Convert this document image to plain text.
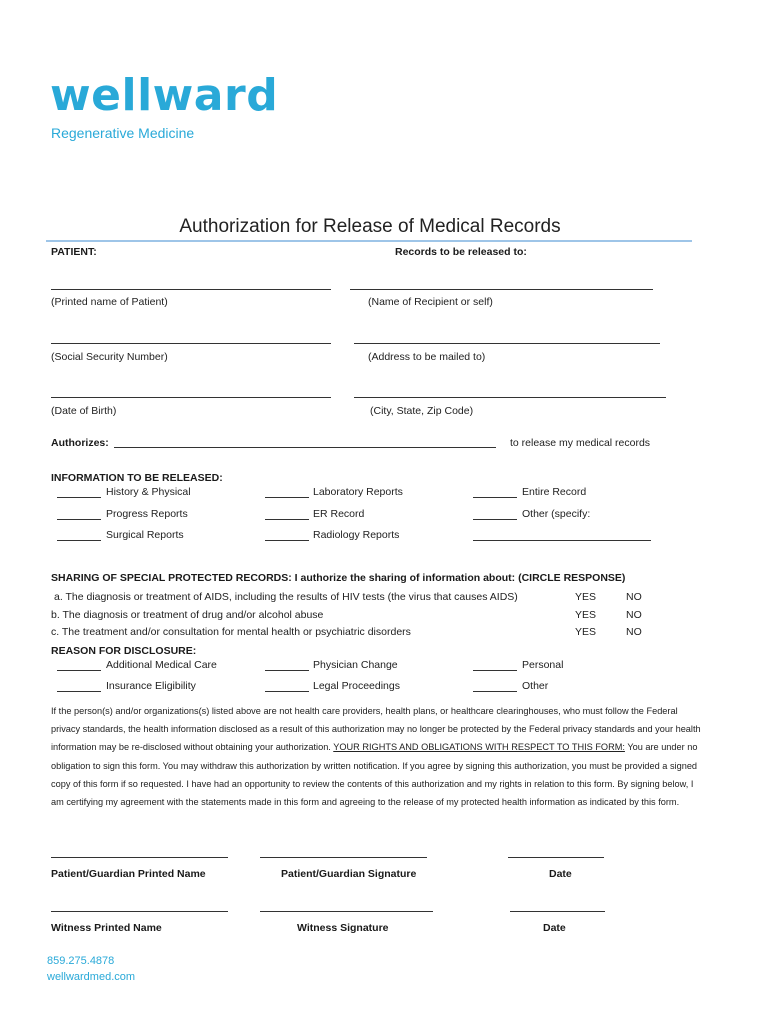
wellward
Regenerative Medicine
Authorization for Release of Medical Records
PATIENT:	Records to be released to:
(Printed name of Patient)	(Name of Recipient or self)
(Social Security Number)	(Address to be mailed to)
(Date of Birth)	(City, State, Zip Code)
Authorizes:	to release my medical records
INFORMATION TO BE RELEASED:
History & Physical	Laboratory Reports	Entire Record
Progress Reports	ER Record	Other (specify:
Surgical Reports	Radiology Reports
SHARING OF SPECIAL PROTECTED RECORDS: I authorize the sharing of information about: (CIRCLE RESPONSE)
a. The diagnosis or treatment of AIDS, including the results of HIV tests (the virus that causes AIDS)	YES	NO
b. The diagnosis or treatment of drug and/or alcohol abuse	YES	NO
c. The treatment and/or consultation for mental health or psychiatric disorders	YES	NO
REASON FOR DISCLOSURE:
Additional Medical Care	Physician Change	Personal
Insurance Eligibility	Legal Proceedings	Other
If the person(s) and/or organizations(s) listed above are not health care providers, health plans, or healthcare clearinghouses, who must follow the Federal privacy standards, the health information disclosed as a result of this authorization may no longer be protected by the Federal privacy standards and your health information may be re-disclosed without obtaining your authorization. YOUR RIGHTS AND OBLIGATIONS WITH RESPECT TO THIS FORM: You are under no obligation to sign this form. You may withdraw this authorization by written notification. If you agree by signing this authorization, you must be provided a signed copy of this form if so requested. I have had an opportunity to review the contents of this authorization and my rights in relation to this form. By signing below, I am certifying my agreement with the statements made in this form and agreeing to the release of my protected health information as indicated by this form.
Patient/Guardian Printed Name	Patient/Guardian Signature	Date
Witness Printed Name	Witness Signature	Date
859.275.4878
wellwardmed.com
